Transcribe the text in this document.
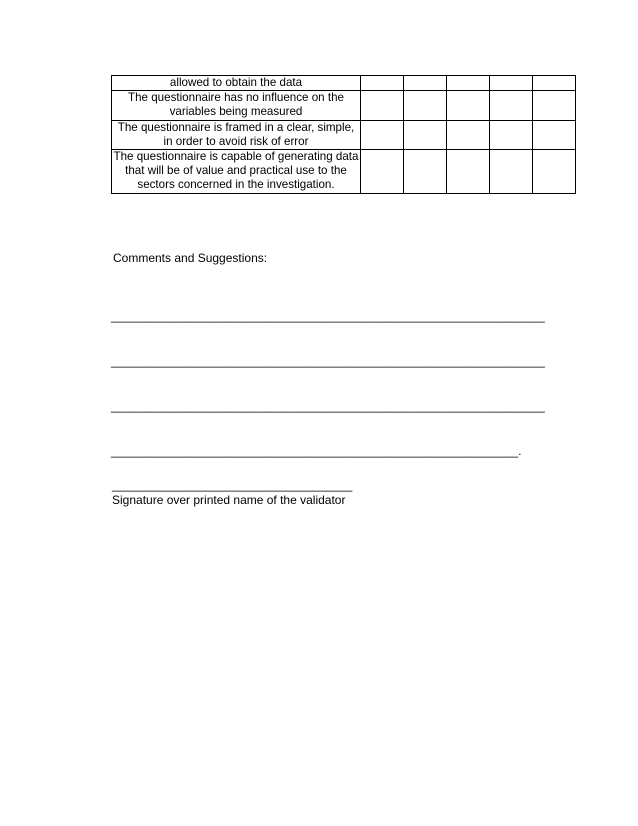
allowed to obtain the data					
The questionnaire has no influence on the variables being measured					
The questionnaire is framed in a clear, simple, in order to avoid risk of error					
The questionnaire is capable of generating data that will be of value and practical use to the sectors concerned in the investigation.					

Comments and Suggestions:

_________________________________________________________________

_________________________________________________________________

_________________________________________________________________

_____________________________________________________________.

____________________________________

Signature over printed name of the validator
